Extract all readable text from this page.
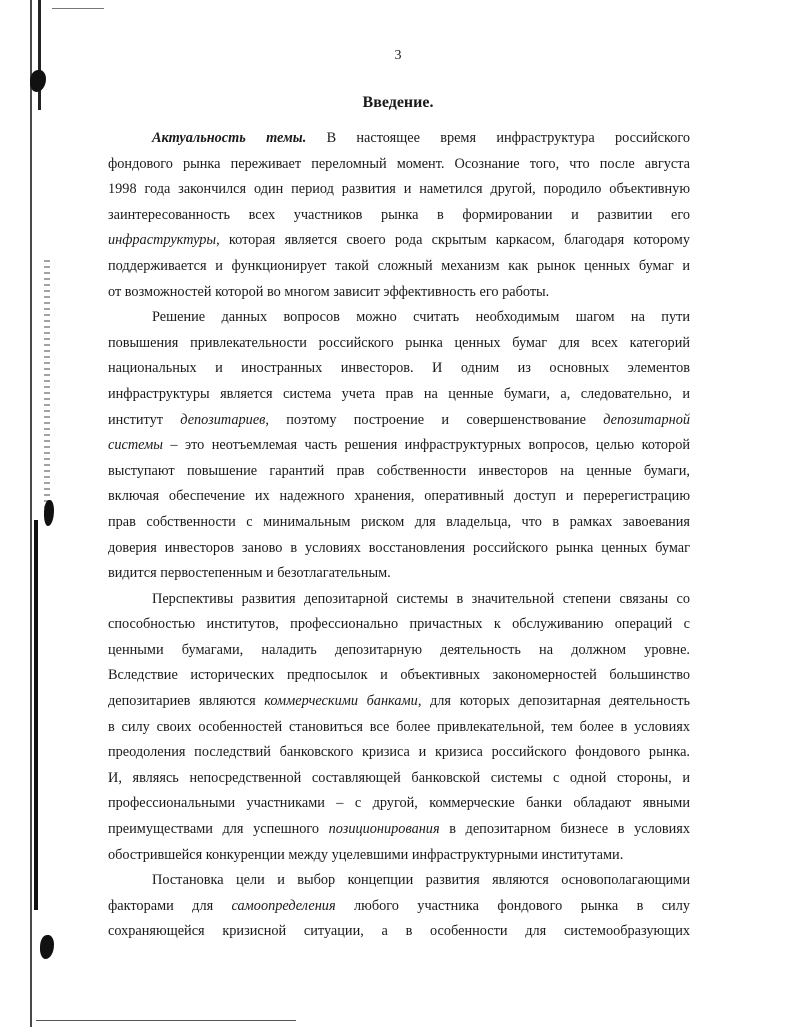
3
Введение.
Актуальность темы. В настоящее время инфраструктура российского
фондового рынка переживает переломный момент. Осознание того, что после августа
1998 года закончился один период развития и наметился другой, породило объективную
заинтересованность всех участников рынка в формировании и развитии его
инфраструктуры, которая является своего рода скрытым каркасом, благодаря которому
поддерживается и функционирует такой сложный механизм как рынок ценных бумаг и
от возможностей которой во многом зависит эффективность его работы.
Решение данных вопросов можно считать необходимым шагом на пути
повышения привлекательности российского рынка ценных бумаг для всех категорий
национальных и иностранных инвесторов. И одним из основных элементов
инфраструктуры является система учета прав на ценные бумаги, а, следовательно, и
институт депозитариев, поэтому построение и совершенствование депозитарной
системы – это неотъемлемая часть решения инфраструктурных вопросов, целью которой
выступают повышение гарантий прав собственности инвесторов на ценные бумаги,
включая обеспечение их надежного хранения, оперативный доступ и перерегистрацию
прав собственности с минимальным риском для владельца, что в рамках завоевания
доверия инвесторов заново в условиях восстановления российского рынка ценных бумаг
видится первостепенным и безотлагательным.
Перспективы развития депозитарной системы в значительной степени связаны со
способностью институтов, профессионально причастных к обслуживанию операций с
ценными бумагами, наладить депозитарную деятельность на должном уровне.
Вследствие исторических предпосылок и объективных закономерностей большинство
депозитариев являются коммерческими банками, для которых депозитарная деятельность
в силу своих особенностей становиться все более привлекательной, тем более в условиях
преодоления последствий банковского кризиса и кризиса российского фондового рынка.
И, являясь непосредственной составляющей банковской системы с одной стороны, и
профессиональными участниками – с другой, коммерческие банки обладают явными
преимуществами для успешного позиционирования в депозитарном бизнесе в условиях
обострившейся конкуренции между уцелевшими инфраструктурными институтами.
Постановка цели и выбор концепции развития являются основополагающими
факторами для самоопределения любого участника фондового рынка в силу
сохраняющейся кризисной ситуации, а в особенности для системообразующих
